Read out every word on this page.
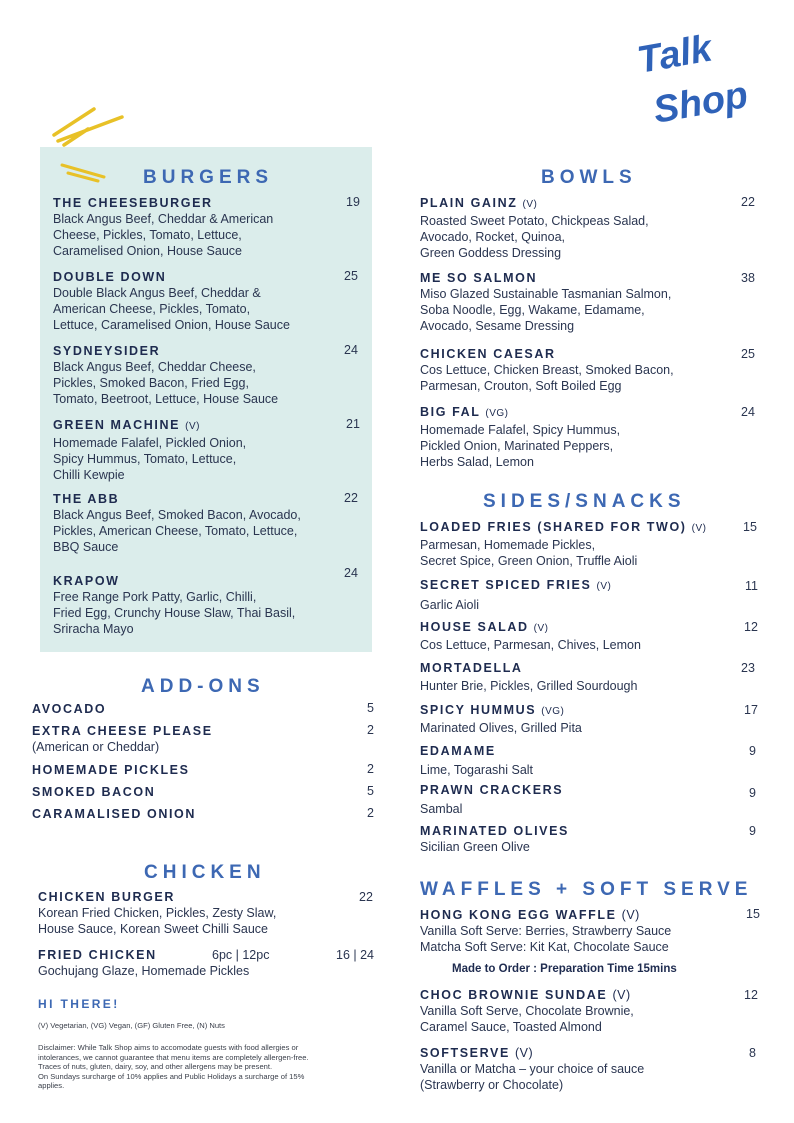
Talk
Shop
BURGERS
THE CHEESEBURGER
Black Angus Beef, Cheddar & American
Cheese, Pickles, Tomato, Lettuce,
Caramelised Onion, House Sauce
19
DOUBLE DOWN
Double Black Angus Beef, Cheddar &
American Cheese, Pickles, Tomato,
Lettuce, Caramelised Onion, House Sauce
25
SYDNEYSIDER
Black Angus Beef, Cheddar Cheese,
Pickles, Smoked Bacon, Fried Egg,
Tomato, Beetroot, Lettuce, House Sauce
24
GREEN MACHINE (V)
Homemade Falafel, Pickled Onion,
Spicy Hummus, Tomato, Lettuce,
Chilli Kewpie
21
THE ABB
Black Angus Beef, Smoked Bacon, Avocado,
Pickles, American Cheese, Tomato, Lettuce,
BBQ Sauce
22
KRAPOW
Free Range Pork Patty, Garlic, Chilli,
Fried Egg, Crunchy House Slaw, Thai Basil,
Sriracha Mayo
24
ADD-ONS
AVOCADO	5
EXTRA CHEESE PLEASE
(American or Cheddar)
2
HOMEMADE PICKLES	2
SMOKED BACON	5
CARAMALISED ONION	2
CHICKEN
CHICKEN BURGER
Korean Fried Chicken, Pickles, Zesty Slaw,
House Sauce, Korean Sweet Chilli Sauce
22
FRIED CHICKEN
Gochujang Glaze, Homemade Pickles
6pc | 12pc	16 | 24
HI THERE!
(V) Vegetarian, (VG) Vegan, (GF) Gluten Free, (N) Nuts
Disclaimer: While Talk Shop aims to accomodate guests with food allergies or
intolerances, we cannot guarantee that menu items are completely allergen-free.
Traces of nuts, gluten, dairy, soy, and other allergens may be present.
On Sundays surcharge of 10% applies and Public Holidays a surcharge of 15%
applies.
BOWLS
PLAIN GAINZ (V)
Roasted Sweet Potato, Chickpeas Salad,
Avocado, Rocket, Quinoa,
Green Goddess Dressing
22
ME SO SALMON
Miso Glazed Sustainable Tasmanian Salmon,
Soba Noodle, Egg, Wakame, Edamame,
Avocado, Sesame Dressing
38
CHICKEN CAESAR
Cos Lettuce, Chicken Breast, Smoked Bacon,
Parmesan, Crouton, Soft Boiled Egg
25
BIG FAL (VG)
Homemade Falafel, Spicy Hummus,
Pickled Onion, Marinated Peppers,
Herbs Salad, Lemon
24
SIDES/SNACKS
LOADED FRIES (SHARED FOR TWO) (V)
Parmesan, Homemade Pickles,
Secret Spice, Green Onion, Truffle Aioli
15
SECRET SPICED FRIES (V)
Garlic Aioli
11
HOUSE SALAD (V)
Cos Lettuce, Parmesan, Chives, Lemon
12
MORTADELLA
Hunter Brie, Pickles, Grilled Sourdough
23
SPICY HUMMUS (VG)
Marinated Olives, Grilled Pita
17
EDAMAME
Lime, Togarashi Salt
9
PRAWN CRACKERS
Sambal
9
MARINATED OLIVES
Sicilian Green Olive
9
WAFFLES + SOFT SERVE
HONG KONG EGG WAFFLE (V)
Vanilla Soft Serve: Berries, Strawberry Sauce
Matcha Soft Serve: Kit Kat, Chocolate Sauce
15
Made to Order : Preparation Time 15mins
CHOC BROWNIE SUNDAE (V)
Vanilla Soft Serve, Chocolate Brownie,
Caramel Sauce, Toasted Almond
12
SOFTSERVE (V)
Vanilla or Matcha – your choice of sauce
(Strawberry or Chocolate)
8
